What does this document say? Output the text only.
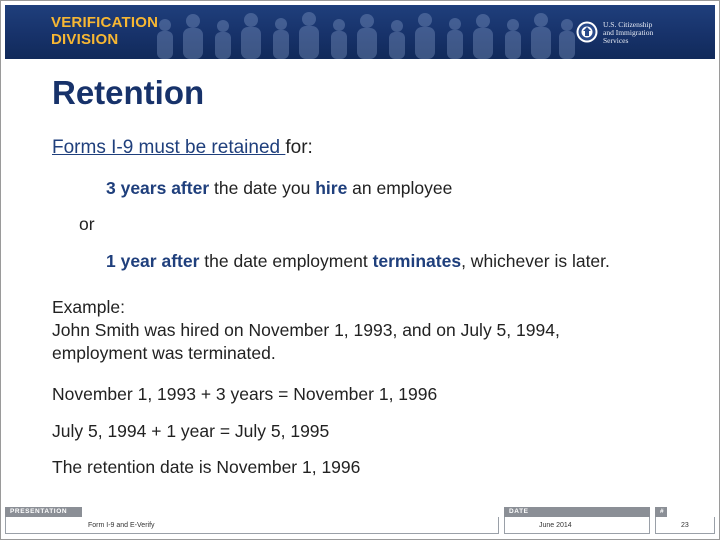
VERIFICATION
DIVISION
U.S. Citizenship
and Immigration
Services
Retention
Forms I-9 must be retained for:
3 years after the date you hire an employee
or
1 year after the date employment terminates, whichever is later.
Example:
John Smith was hired on November 1, 1993, and on July 5, 1994,
employment was terminated.
November 1, 1993 + 3 years = November 1, 1996
July 5, 1994 + 1 year = July 5, 1995
The retention date is November 1, 1996
PRESENTATION
Form I-9 and E-Verify
DATE
June 2014
#
23
